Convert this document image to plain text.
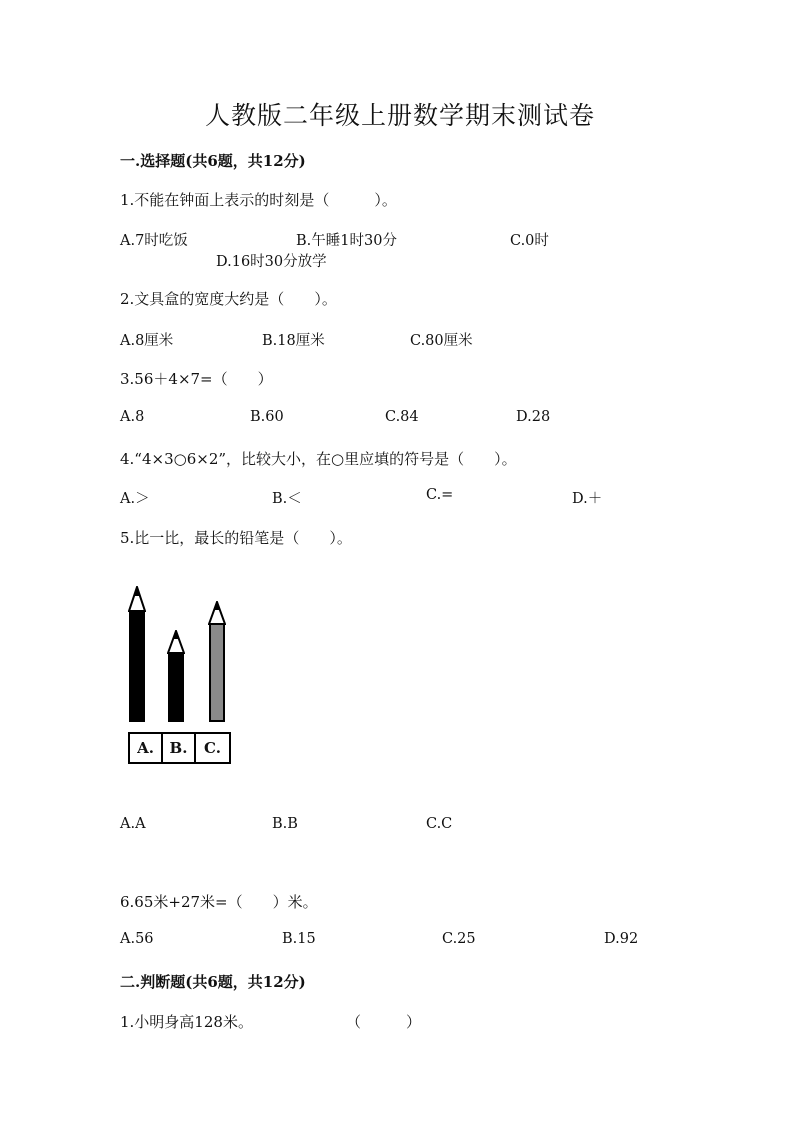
人教版二年级上册数学期末测试卷
一.选择题(共6题，共12分)
1.不能在钟面上表示的时刻是（　　　）。
A.7时吃饭	B.午睡1时30分	C.0时
D.16时30分放学
2.文具盒的宽度大约是（　　）。
A.8厘米	B.18厘米	C.80厘米
3.56＋4×7=（　　）
A.8	B.60	C.84	D.28
4.“4×3○6×2”，比较大小，在○里应填的符号是（　　）。
A.＞	B.＜	C.=	D.＋
5.比一比，最长的铅笔是（　　）。
A.	B.	C.
A.A	B.B	C.C
6.65米+27米=（　　）米。
A.56	B.15	C.25	D.92
二.判断题(共6题，共12分)
1.小明身高128米。	（　　　）
